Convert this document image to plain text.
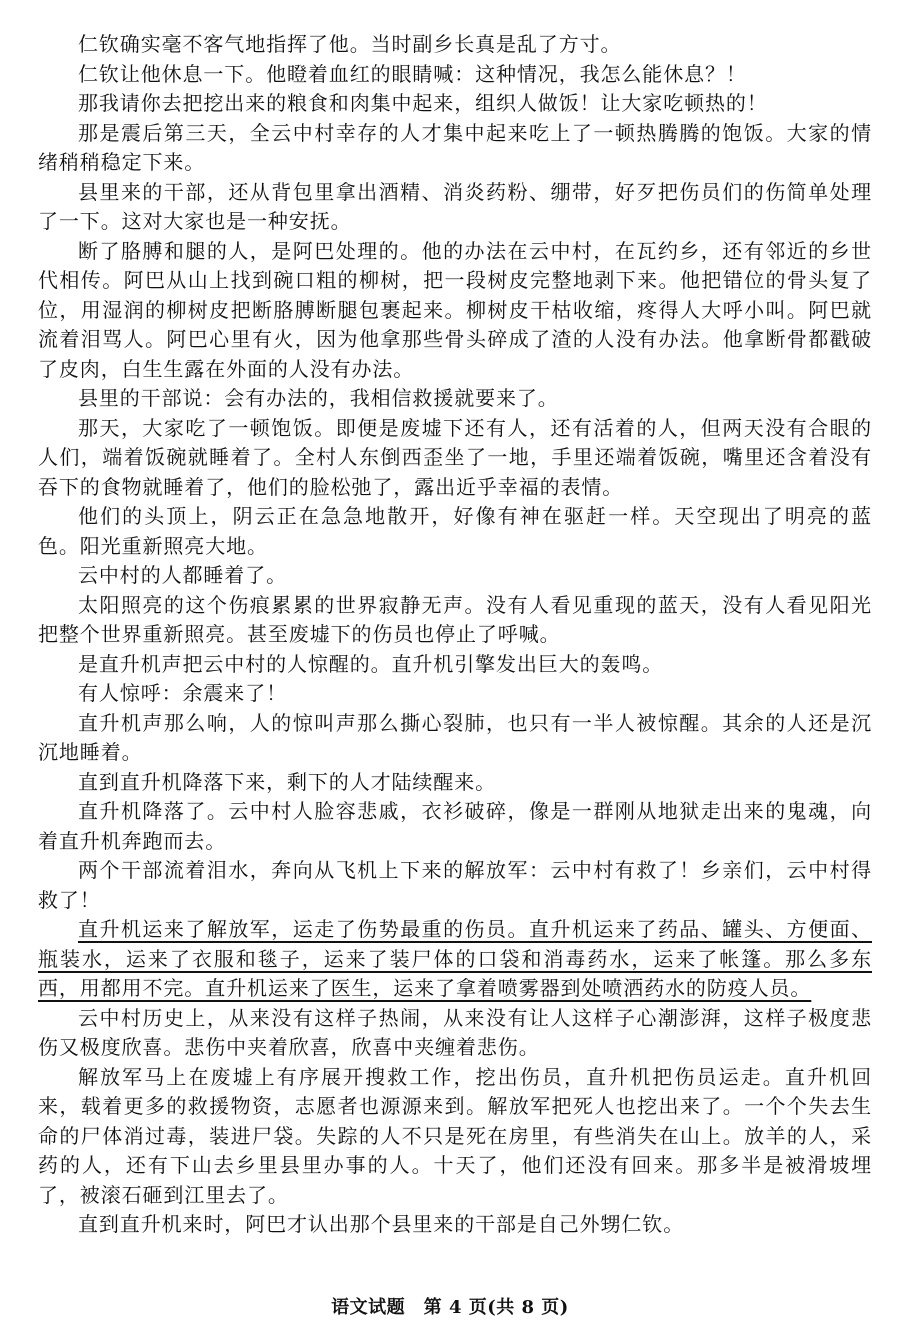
仁钦确实毫不客气地指挥了他。当时副乡长真是乱了方寸。

仁钦让他休息一下。他瞪着血红的眼睛喊：这种情况，我怎么能休息？！

那我请你去把挖出来的粮食和肉集中起来，组织人做饭！让大家吃顿热的！

那是震后第三天，全云中村幸存的人才集中起来吃上了一顿热腾腾的饱饭。大家的情绪稍稍稳定下来。

县里来的干部，还从背包里拿出酒精、消炎药粉、绷带，好歹把伤员们的伤简单处理了一下。这对大家也是一种安抚。

断了胳膊和腿的人，是阿巴处理的。他的办法在云中村，在瓦约乡，还有邻近的乡世代相传。阿巴从山上找到碗口粗的柳树，把一段树皮完整地剥下来。他把错位的骨头复了位，用湿润的柳树皮把断胳膊断腿包裹起来。柳树皮干枯收缩，疼得人大呼小叫。阿巴就流着泪骂人。阿巴心里有火，因为他拿那些骨头碎成了渣的人没有办法。他拿断骨都戳破了皮肉，白生生露在外面的人没有办法。

县里的干部说：会有办法的，我相信救援就要来了。

那天，大家吃了一顿饱饭。即便是废墟下还有人，还有活着的人，但两天没有合眼的人们，端着饭碗就睡着了。全村人东倒西歪坐了一地，手里还端着饭碗，嘴里还含着没有吞下的食物就睡着了，他们的脸松弛了，露出近乎幸福的表情。

他们的头顶上，阴云正在急急地散开，好像有神在驱赶一样。天空现出了明亮的蓝色。阳光重新照亮大地。

云中村的人都睡着了。

太阳照亮的这个伤痕累累的世界寂静无声。没有人看见重现的蓝天，没有人看见阳光把整个世界重新照亮。甚至废墟下的伤员也停止了呼喊。

是直升机声把云中村的人惊醒的。直升机引擎发出巨大的轰鸣。

有人惊呼：余震来了！

直升机声那么响，人的惊叫声那么撕心裂肺，也只有一半人被惊醒。其余的人还是沉沉地睡着。

直到直升机降落下来，剩下的人才陆续醒来。

直升机降落了。云中村人脸容悲戚，衣衫破碎，像是一群刚从地狱走出来的鬼魂，向着直升机奔跑而去。

两个干部流着泪水，奔向从飞机上下来的解放军：云中村有救了！乡亲们，云中村得救了！

直升机运来了解放军，运走了伤势最重的伤员。直升机运来了药品、罐头、方便面、瓶装水，运来了衣服和毯子，运来了装尸体的口袋和消毒药水，运来了帐篷。那么多东西，用都用不完。直升机运来了医生，运来了拿着喷雾器到处喷洒药水的防疫人员。

云中村历史上，从来没有这样子热闹，从来没有让人这样子心潮澎湃，这样子极度悲伤又极度欣喜。悲伤中夹着欣喜，欣喜中夹缠着悲伤。

解放军马上在废墟上有序展开搜救工作，挖出伤员，直升机把伤员运走。直升机回来，载着更多的救援物资，志愿者也源源来到。解放军把死人也挖出来了。一个个失去生命的尸体消过毒，装进尸袋。失踪的人不只是死在房里，有些消失在山上。放羊的人，采药的人，还有下山去乡里县里办事的人。十天了，他们还没有回来。那多半是被滑坡埋了，被滚石砸到江里去了。

直到直升机来时，阿巴才认出那个县里来的干部是自己外甥仁钦。

语文试题　第 4 页(共 8 页)
